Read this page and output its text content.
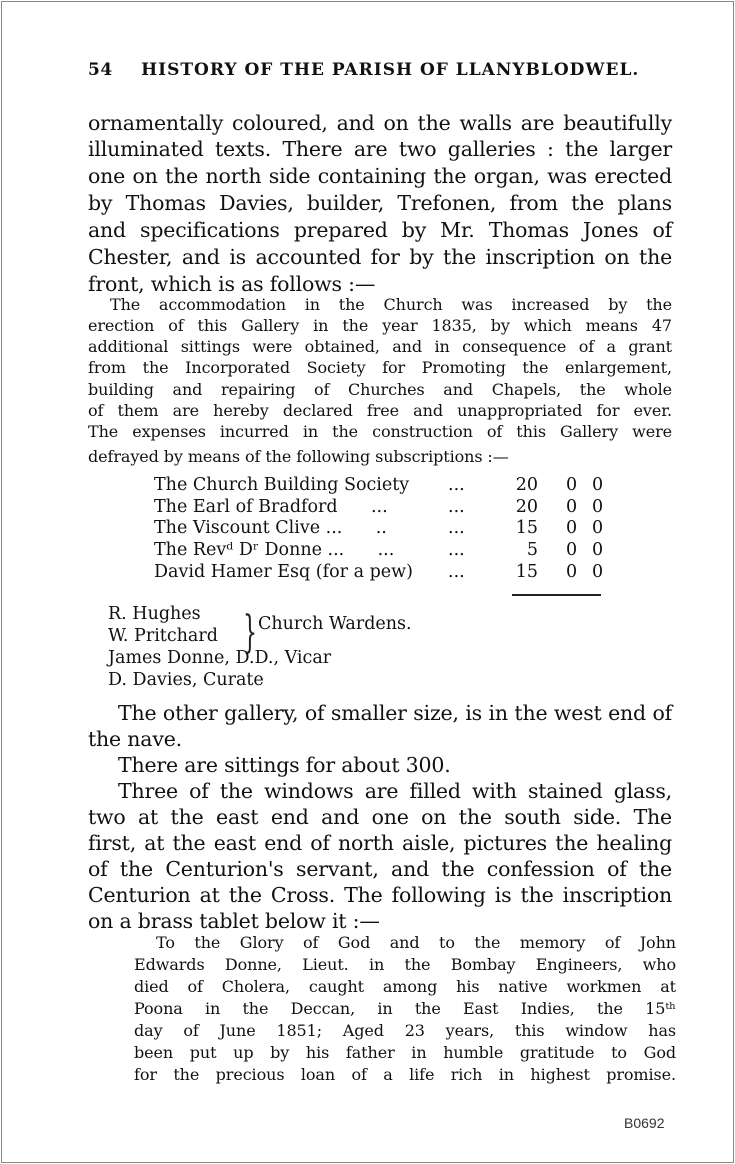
54 HISTORY OF THE PARISH OF LLANYBLODWEL.
ornamentally coloured, and on the walls are beautifully
illuminated texts. There are two galleries : the larger
one on the north side containing the organ, was erected
by Thomas Davies, builder, Trefonen, from the plans
and specifications prepared by Mr. Thomas Jones of
Chester, and is accounted for by the inscription on the
front, which is as follows :—
The accommodation in the Church was increased by the
erection of this Gallery in the year 1835, by which means 47
additional sittings were obtained, and in consequence of a grant
from the Incorporated Society for Promoting the enlargement,
building and repairing of Churches and Chapels, the whole
of them are hereby declared free and unappropriated for ever.
The expenses incurred in the construction of this Gallery were
defrayed by means of the following subscriptions :—
The Church Building Society ...	20 0 0
The Earl of Bradford      ...	...	20 0 0
The Viscount Clive ...      ..	...	15 0 0
The Revᵈ Dʳ Donne ...      ...	...	5 0 0
David Hamer Esq (for a pew) ...	15 0 0
The other gallery, of smaller size, is in the west end of
the nave.
There are sittings for about 300.
Three of the windows are filled with stained glass,
two at the east end and one on the south side. The
first, at the east end of north aisle, pictures the healing
of the Centurion's servant, and the confession of the
Centurion at the Cross. The following is the inscription
on a brass tablet below it :—
To the Glory of God and to the memory of John
Edwards Donne, Lieut. in the Bombay Engineers, who
died of Cholera, caught among his native workmen at
Poona in the Deccan, in the East Indies, the 15ᵗʰ
day of June 1851; Aged 23 years, this window has
been put up by his father in humble gratitude to God
for the precious loan of a life rich in highest promise.
R. Hughes
W. Pritchard } Church Wardens.
James Donne, D.D., Vicar
D. Davies, Curate
B0692
